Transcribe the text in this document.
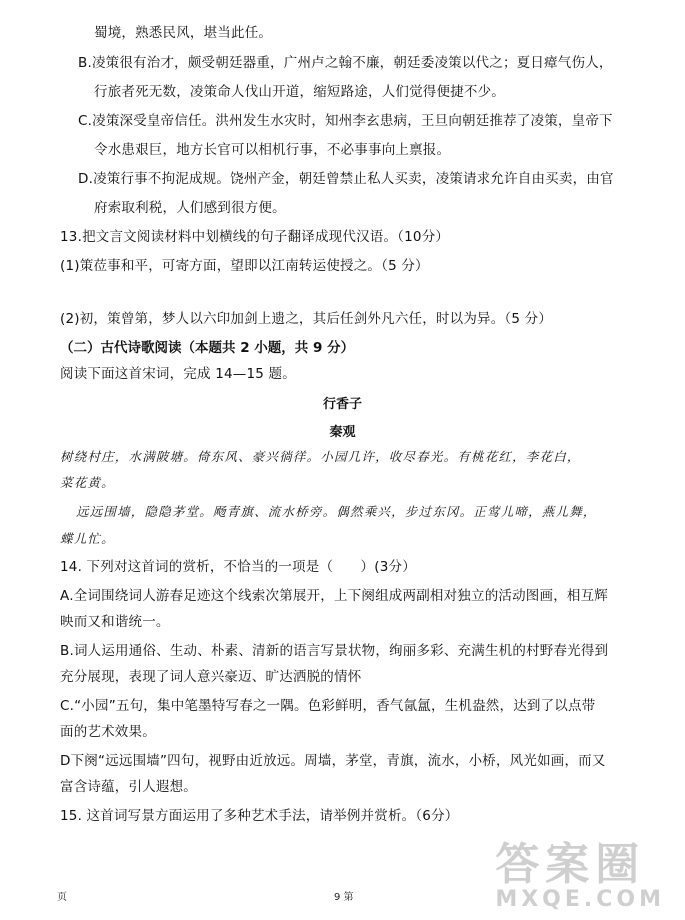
蜀境，熟悉民风，堪当此任。
B.凌策很有治才，颇受朝廷器重，广州卢之翰不廉，朝廷委凌策以代之；夏日瘴气伤人，
行旅者死无数，凌策命人伐山开道，缩短路途，人们觉得便捷不少。
C.凌策深受皇帝信任。洪州发生水灾时，知州李玄患病，王旦向朝廷推荐了凌策，皇帝下
令水患艰巨，地方长官可以相机行事，不必事事向上禀报。
D.凌策行事不拘泥成规。饶州产金，朝廷曾禁止私人买卖，凌策请求允许自由买卖，由官
府索取利税，人们感到很方便。
13.把文言文阅读材料中划横线的句子翻译成现代汉语。（10分）
(1)策莅事和平，可寄方面，望即以江南转运使授之。（5 分）
(2)初，策曾第，梦人以六印加剑上遗之，其后任剑外凡六任，时以为异。（5 分）
（二）古代诗歌阅读（本题共 2 小题，共 9 分）
阅读下面这首宋词，完成 14—15 题。
行香子
秦观
树绕村庄，水满陂塘。倚东风、豪兴徜徉。小园几许，收尽春光。有桃花红，李花白，
菜花黄。
远远围墙，隐隐茅堂。飏青旗、流水桥旁。偶然乘兴，步过东冈。正莺儿啼，燕儿舞，
蝶儿忙。
14. 下列对这首词的赏析，不恰当的一项是（　　）(3分）
A.全词围绕词人游春足迹这个线索次第展开，上下阕组成两副相对独立的活动图画，相互辉
映而又和谐统一。
B.词人运用通俗、生动、朴素、清新的语言写景状物，绚丽多彩、充满生机的村野春光得到
充分展现，表现了词人意兴豪迈、旷达洒脱的情怀
C.“小园”五句，集中笔墨特写春之一隅。色彩鲜明，香气氤氲，生机盎然，达到了以点带
面的艺术效果。
D下阕“远远围墙”四句，视野由近放远。周墙，茅堂，青旗，流水，小桥，风光如画，而又
富含诗蕴，引人遐想。
15. 这首词写景方面运用了多种艺术手法，请举例并赏析。（6分）
页	9 第
答案圈
MXQE.COM
